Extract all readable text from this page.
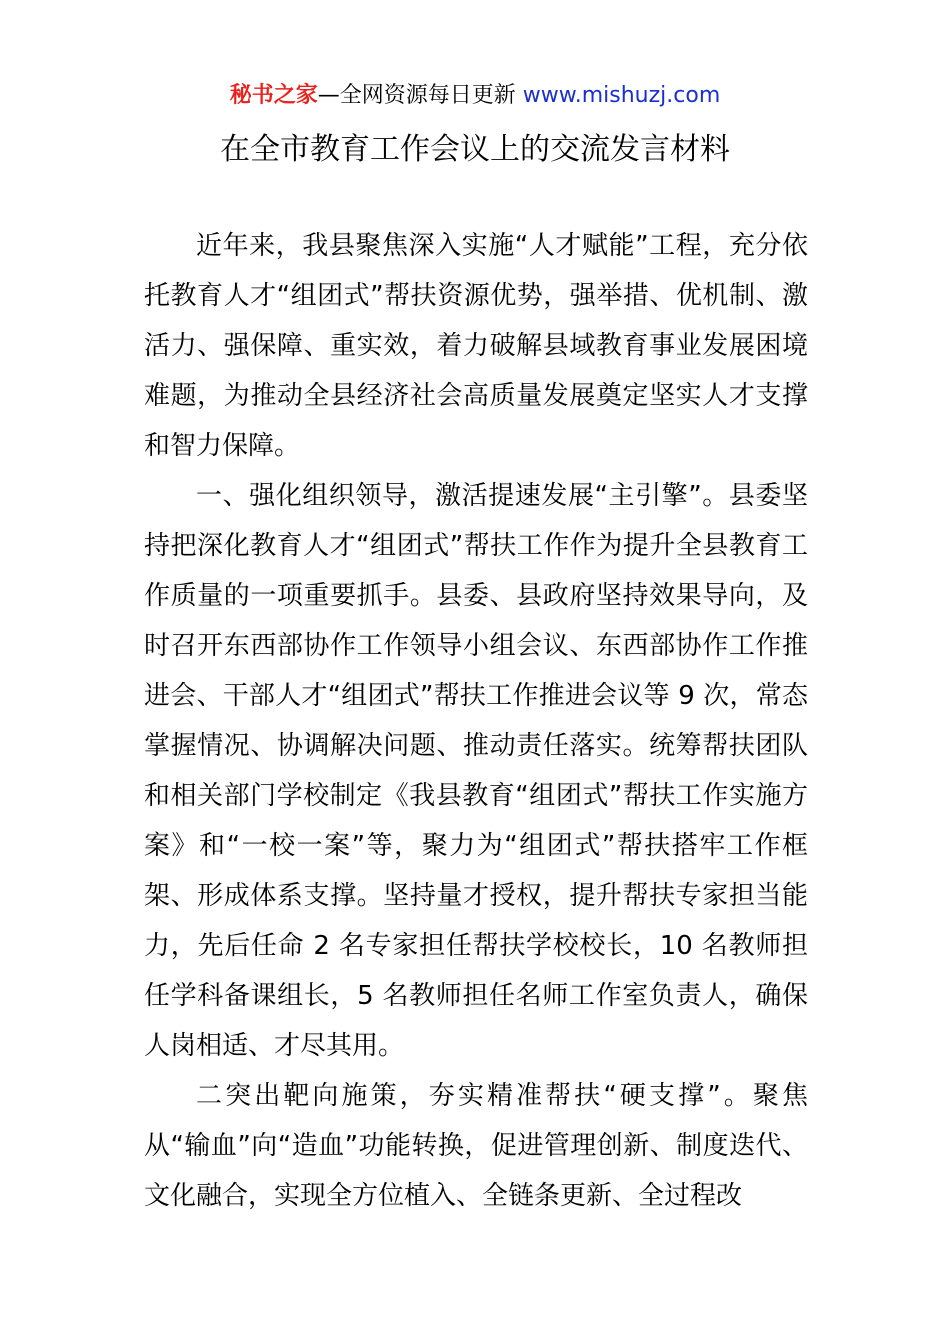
秘书之家—全网资源每日更新 www.mishuzj.com
在全市教育工作会议上的交流发言材料

近年来，我县聚焦深入实施“人才赋能”工程，充分依托教育人才“组团式”帮扶资源优势，强举措、优机制、激活力、强保障、重实效，着力破解县域教育事业发展困境难题，为推动全县经济社会高质量发展奠定坚实人才支撑和智力保障。

一、强化组织领导，激活提速发展“主引擎”。县委坚持把深化教育人才“组团式”帮扶工作作为提升全县教育工作质量的一项重要抓手。县委、县政府坚持效果导向，及时召开东西部协作工作领导小组会议、东西部协作工作推进会、干部人才“组团式”帮扶工作推进会议等 9 次，常态掌握情况、协调解决问题、推动责任落实。统筹帮扶团队和相关部门学校制定《我县教育“组团式”帮扶工作实施方案》和“一校一案”等，聚力为“组团式”帮扶搭牢工作框架、形成体系支撑。坚持量才授权，提升帮扶专家担当能力，先后任命 2 名专家担任帮扶学校校长，10 名教师担任学科备课组长，5 名教师担任名师工作室负责人，确保人岗相适、才尽其用。

二突出靶向施策，夯实精准帮扶“硬支撑”。聚焦从“输血”向“造血”功能转换，促进管理创新、制度迭代、文化融合，实现全方位植入、全链条更新、全过程改
